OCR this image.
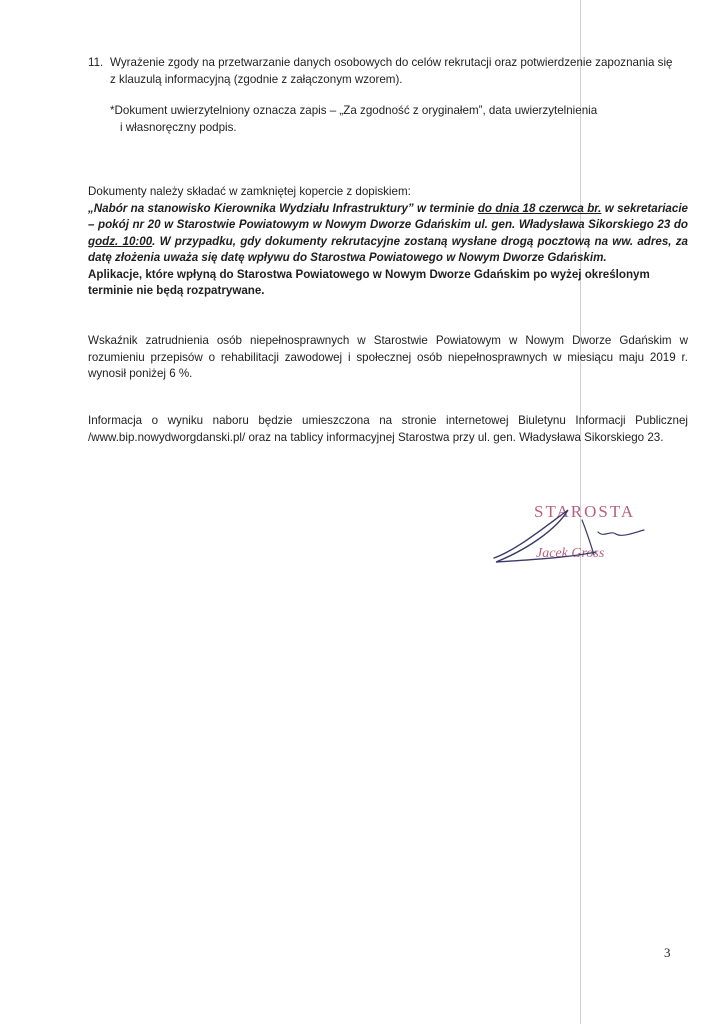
11. Wyrażenie zgody na przetwarzanie danych osobowych do celów rekrutacji oraz potwierdzenie zapoznania się
z klauzulą informacyjną (zgodnie z załączonym wzorem).
*Dokument uwierzytelniony oznacza zapis – „Za zgodność z oryginałem”, data uwierzytelnienia
i własnoręczny podpis.

Dokumenty należy składać w zamkniętej kopercie z dopiskiem:

„Nabór na stanowisko Kierownika Wydziału Infrastruktury” w terminie do dnia 18 czerwca br. w sekretariacie – pokój nr 20 w Starostwie Powiatowym w Nowym Dworze Gdańskim ul. gen. Władysława Sikorskiego 23 do godz. 10:00. W przypadku, gdy dokumenty rekrutacyjne zostaną wysłane drogą pocztową na ww. adres, za datę złożenia uważa się datę wpływu do Starostwa Powiatowego w Nowym Dworze Gdańskim.

Aplikacje, które wpłyną do Starostwa Powiatowego w Nowym Dworze Gdańskim po wyżej określonym terminie nie będą rozpatrywane.

Wskaźnik zatrudnienia osób niepełnosprawnych w Starostwie Powiatowym w Nowym Dworze Gdańskim w rozumieniu przepisów o rehabilitacji zawodowej i społecznej osób niepełnosprawnych w miesiącu maju 2019 r. wynosił poniżej 6 %.
Informacja o wyniku naboru będzie umieszczona na stronie internetowej Biuletynu Informacji Publicznej /www.bip.nowydworgdanski.pl/ oraz na tablicy informacyjnej Starostwa przy ul. gen. Władysława Sikorskiego 23.
STAROSTA
Jacek Gross
3
